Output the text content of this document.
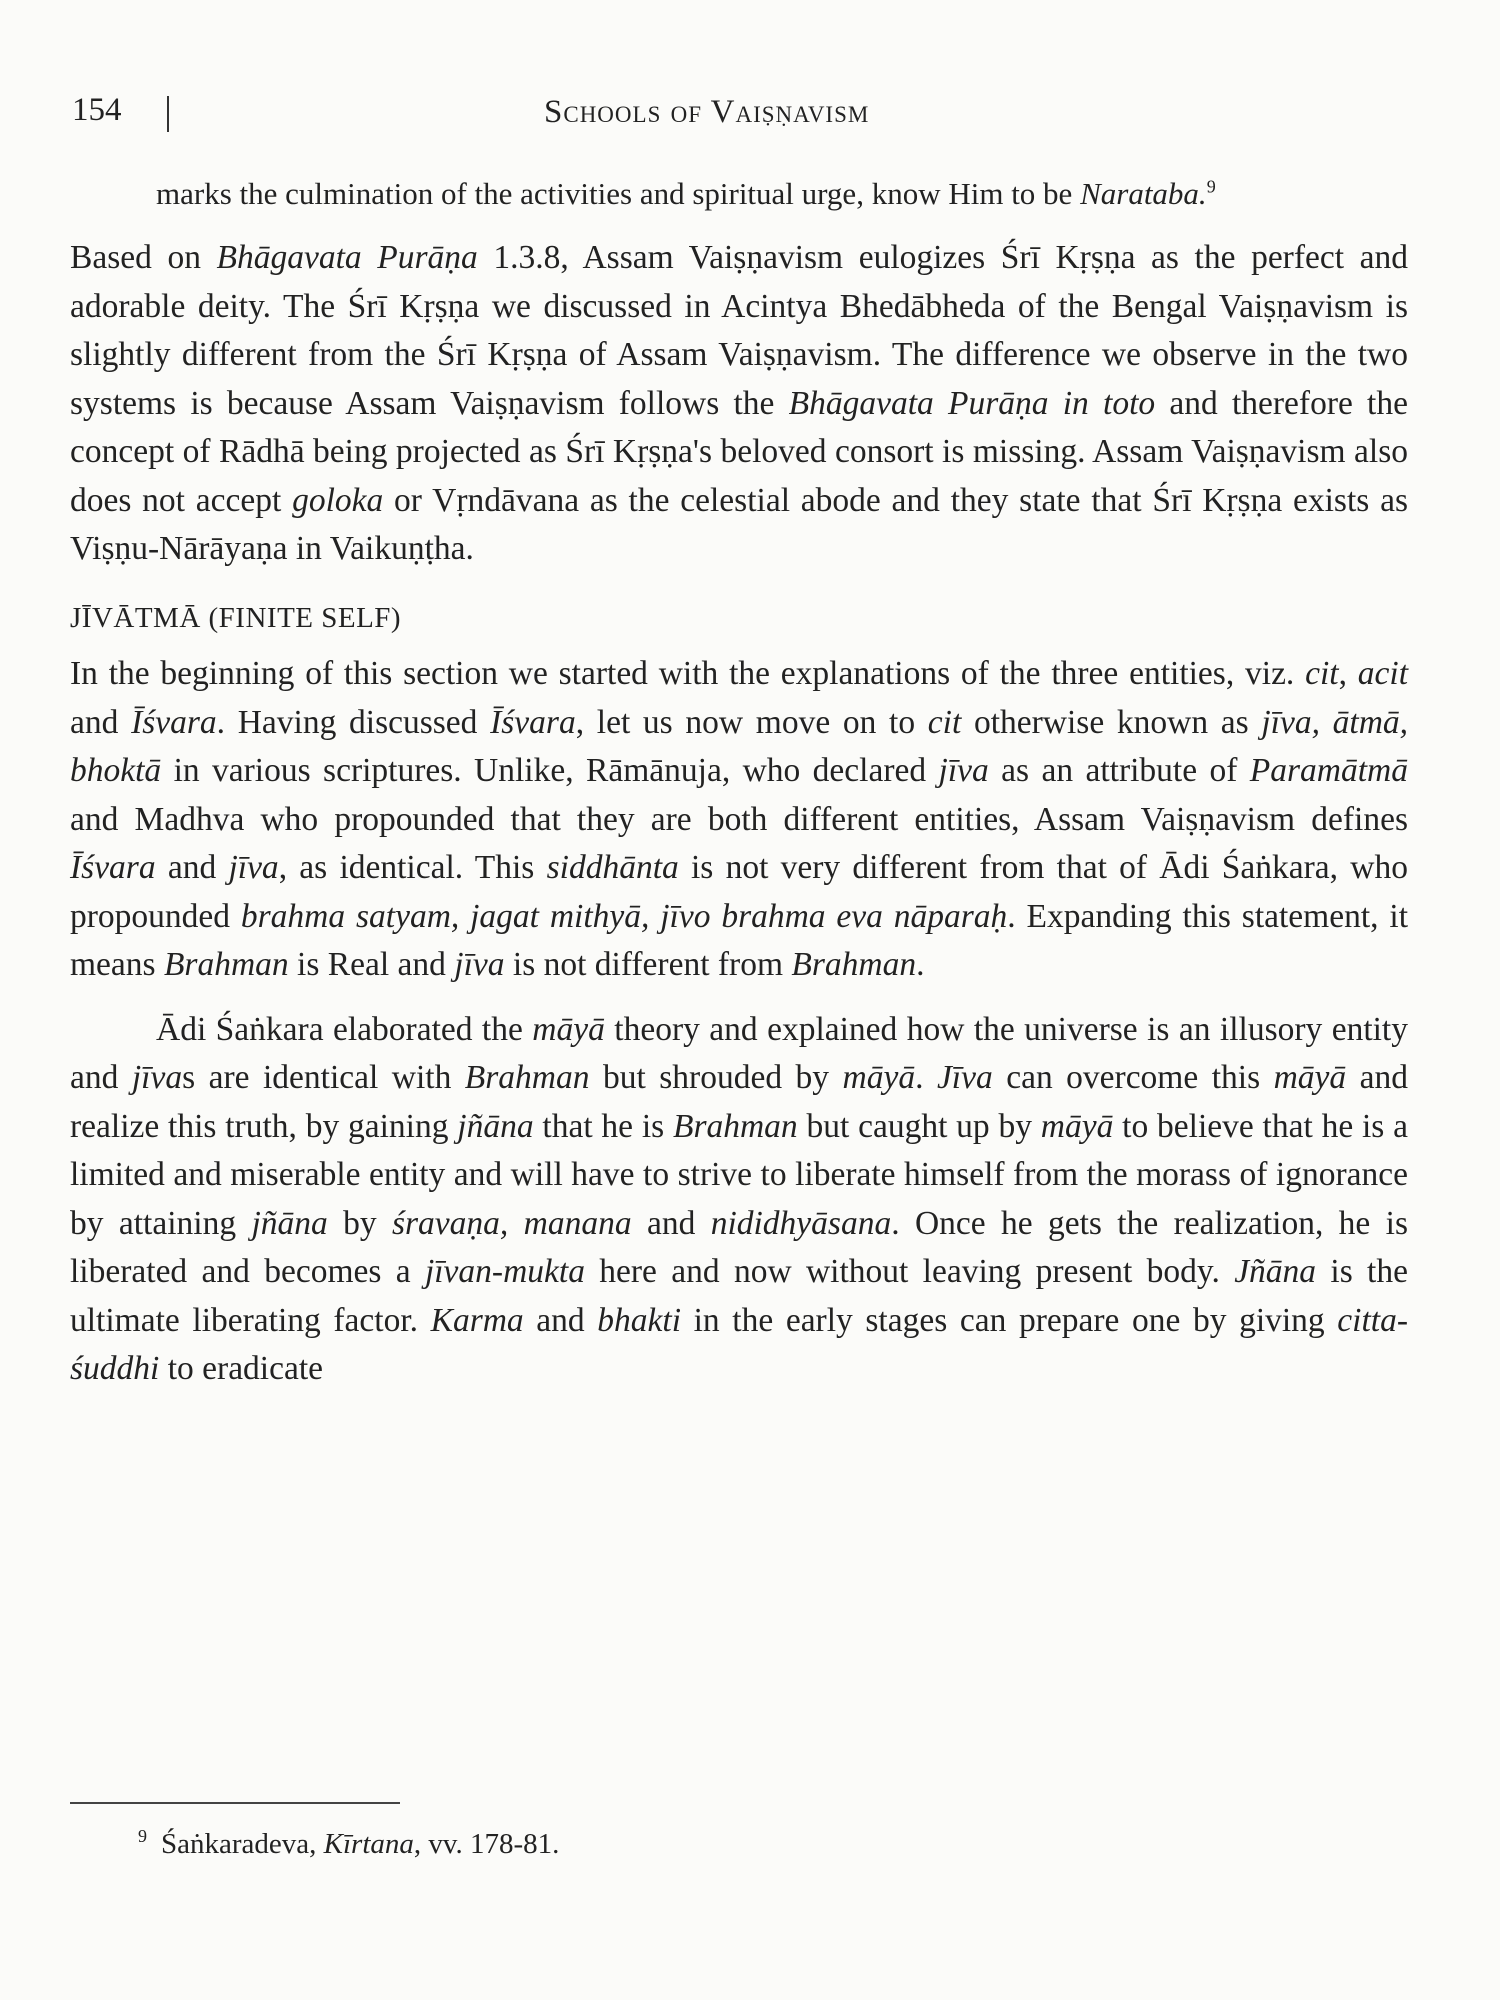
154	Schools of Vaiṣṇavism

marks the culmination of the activities and spiritual urge, know Him to be Narataba.$^9$

Based on Bhāgavata Purāṇa 1.3.8, Assam Vaiṣṇavism eulogizes Śrī Kṛṣṇa as the perfect and adorable deity. The Śrī Kṛṣṇa we discussed in Acintya Bhedābheda of the Bengal Vaiṣṇavism is slightly different from the Śrī Kṛṣṇa of Assam Vaiṣṇavism. The difference we observe in the two systems is because Assam Vaiṣṇavism follows the Bhāgavata Purāṇa in toto and therefore the concept of Rādhā being projected as Śrī Kṛṣṇa's beloved consort is missing. Assam Vaiṣṇavism also does not accept goloka or Vṛndāvana as the celestial abode and they state that Śrī Kṛṣṇa exists as Viṣṇu-Nārāyaṇa in Vaikuṇṭha.

JĪVĀTMĀ (FINITE SELF)

In the beginning of this section we started with the explanations of the three entities, viz. cit, acit and Īśvara. Having discussed Īśvara, let us now move on to cit otherwise known as jīva, ātmā, bhoktā in various scriptures. Unlike, Rāmānuja, who declared jīva as an attribute of Paramātmā and Madhva who propounded that they are both different entities, Assam Vaiṣṇavism defines Īśvara and jīva, as identical. This siddhānta is not very different from that of Ādi Śaṅkara, who propounded brahma satyam, jagat mithyā, jīvo brahma eva nāparaḥ. Expanding this statement, it means Brahman is Real and jīva is not different from Brahman.

Ādi Śaṅkara elaborated the māyā theory and explained how the universe is an illusory entity and jīvas are identical with Brahman but shrouded by māyā. Jīva can overcome this māyā and realize this truth, by gaining jñāna that he is Brahman but caught up by māyā to believe that he is a limited and miserable entity and will have to strive to liberate himself from the morass of ignorance by attaining jñāna by śravaṇa, manana and nididhyāsana. Once he gets the realization, he is liberated and becomes a jīvan-mukta here and now without leaving present body. Jñāna is the ultimate liberating factor. Karma and bhakti in the early stages can prepare one by giving citta-śuddhi to eradicate

$^9$ Śaṅkaradeva, Kīrtana, vv. 178-81.
